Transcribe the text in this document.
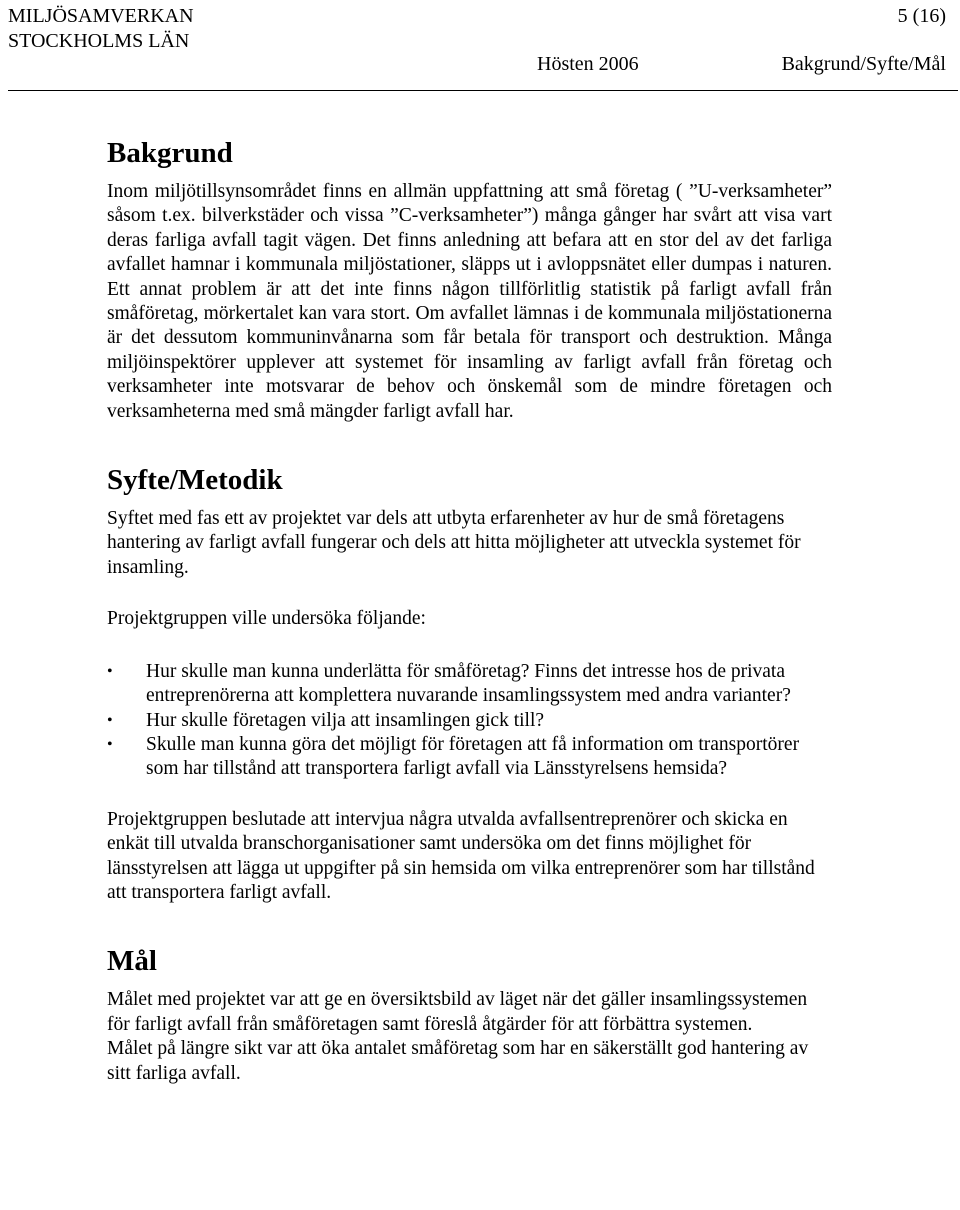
MILJÖSAMVERKAN
STOCKHOLMS LÄN
5 (16)
Hösten 2006	Bakgrund/Syfte/Mål
Bakgrund

Inom miljötillsynsområdet finns en allmän uppfattning att små företag ( ”U-verksamheter” såsom t.ex. bilverkstäder och vissa ”C-verksamheter”) många gånger har svårt att visa vart deras farliga avfall tagit vägen. Det finns anledning att befara att en stor del av det farliga avfallet hamnar i kommunala miljöstationer, släpps ut i avloppsnätet eller dumpas i naturen. Ett annat problem är att det inte finns någon tillförlitlig statistik på farligt avfall från småföretag, mörkertalet kan vara stort. Om avfallet lämnas i de kommunala miljöstationerna är det dessutom kommuninvånarna som får betala för transport och destruktion. Många miljöinspektörer upplever att systemet för insamling av farligt avfall från företag och verksamheter inte motsvarar de behov och önskemål som de mindre företagen och verksamheterna med små mängder farligt avfall har.

Syfte/Metodik

Syftet med fas ett av projektet var dels att utbyta erfarenheter av hur de små företagens hantering av farligt avfall fungerar och dels att hitta möjligheter att utveckla systemet för insamling.

Projektgruppen ville undersöka följande:

• Hur skulle man kunna underlätta för småföretag? Finns det intresse hos de privata entreprenörerna att komplettera nuvarande insamlingssystem med andra varianter?
• Hur skulle företagen vilja att insamlingen gick till?
• Skulle man kunna göra det möjligt för företagen att få information om transportörer som har tillstånd att transportera farligt avfall via Länsstyrelsens hemsida?

Projektgruppen beslutade att intervjua några utvalda avfallsentreprenörer och skicka en enkät till utvalda branschorganisationer samt undersöka om det finns möjlighet för länsstyrelsen att lägga ut uppgifter på sin hemsida om vilka entreprenörer som har tillstånd att transportera farligt avfall.

Mål

Målet med projektet var att ge en översiktsbild av läget när det gäller insamlingssystemen för farligt avfall från småföretagen samt föreslå åtgärder för att förbättra systemen.

Målet på längre sikt var att öka antalet småföretag som har en säkerställt god hantering av sitt farliga avfall.
